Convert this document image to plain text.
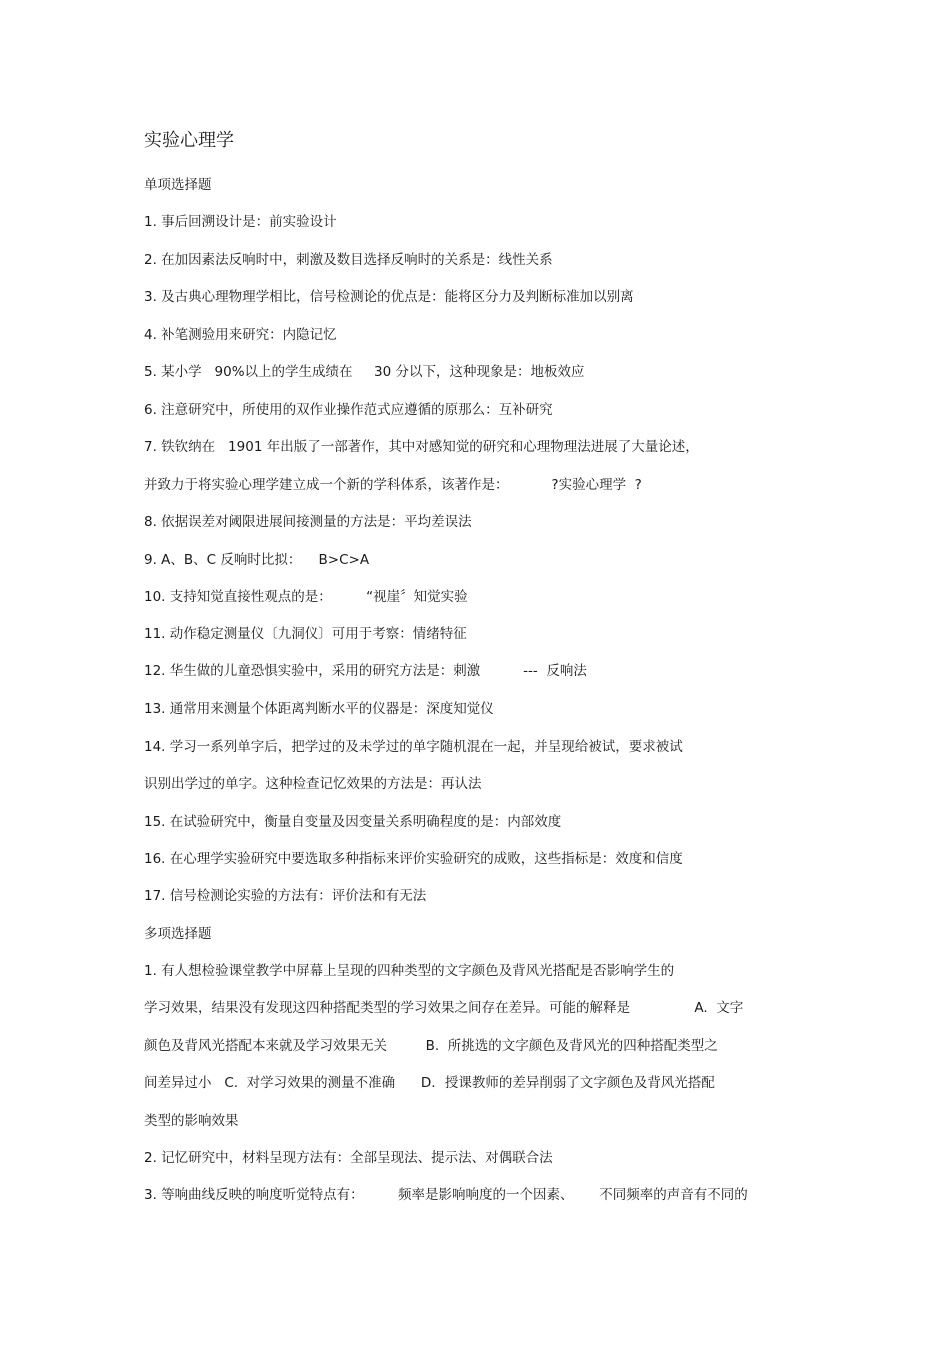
实验心理学
单项选择题
1. 事后回溯设计是：前实验设计
2. 在加因素法反响时中，刺激及数目选择反响时的关系是：线性关系
3. 及古典心理物理学相比，信号检测论的优点是：能将区分力及判断标准加以别离
4. 补笔测验用来研究：内隐记忆
5. 某小学   90%以上的学生成绩在     30 分以下，这种现象是：地板效应
6. 注意研究中，所使用的双作业操作范式应遵循的原那么：互补研究
7. 铁钦纳在   1901 年出版了一部著作，其中对感知觉的研究和心理物理法进展了大量论述，
并致力于将实验心理学建立成一个新的学科体系，该著作是：          ?实验心理学  ?
8. 依据误差对阈限进展间接测量的方法是：平均差误法
9. A、B、C 反响时比拟：    B>C>A
10. 支持知觉直接性观点的是：        “视崖〞知觉实验
11. 动作稳定测量仪〔九洞仪〕可用于考察：情绪特征
12. 华生做的儿童恐惧实验中，采用的研究方法是：刺激          ---  反响法
13. 通常用来测量个体距离判断水平的仪器是：深度知觉仪
14. 学习一系列单字后，把学过的及未学过的单字随机混在一起，并呈现给被试，要求被试
识别出学过的单字。这种检查记忆效果的方法是：再认法
15. 在试验研究中，衡量自变量及因变量关系明确程度的是：内部效度
16. 在心理学实验研究中要选取多种指标来评价实验研究的成败，这些指标是：效度和信度
17. 信号检测论实验的方法有：评价法和有无法
多项选择题
1. 有人想检验课堂教学中屏幕上呈现的四种类型的文字颜色及背风光搭配是否影响学生的
学习效果，结果没有发现这四种搭配类型的学习效果之间存在差异。可能的解释是               A.  文字
颜色及背风光搭配本来就及学习效果无关         B.  所挑选的文字颜色及背风光的四种搭配类型之
间差异过小   C.  对学习效果的测量不准确      D．授课教师的差异削弱了文字颜色及背风光搭配
类型的影响效果
2. 记忆研究中，材料呈现方法有：全部呈现法、提示法、对偶联合法
3. 等响曲线反映的响度听觉特点有：        频率是影响响度的一个因素、      不同频率的声音有不同的
